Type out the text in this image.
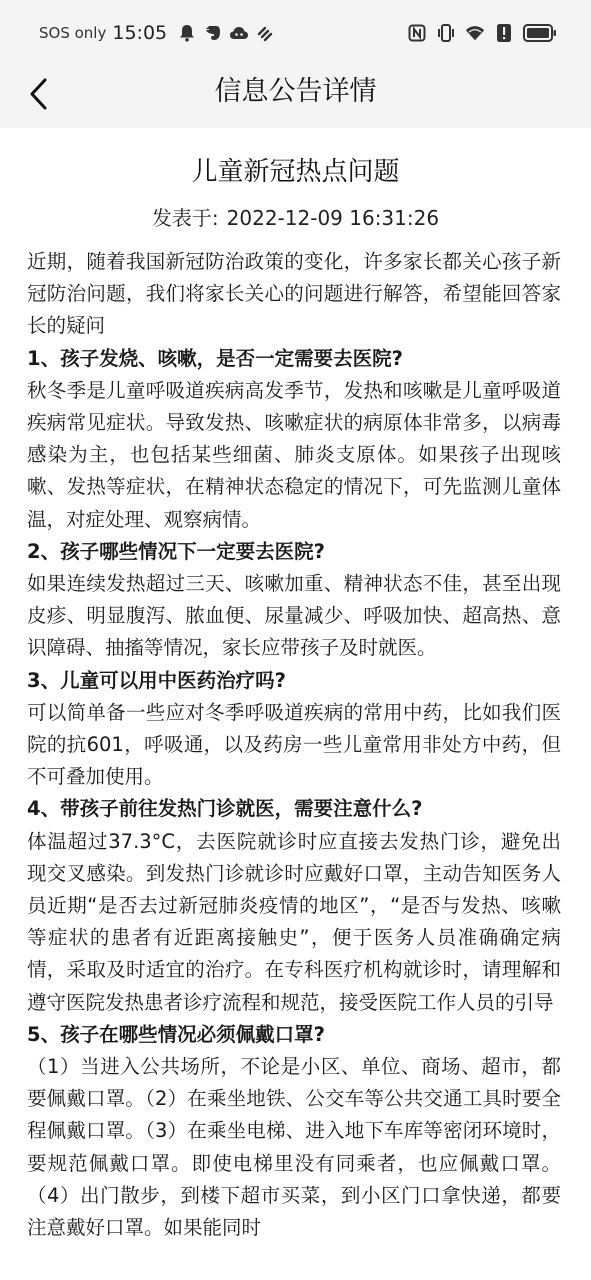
SOS only 15:05
信息公告详情
儿童新冠热点问题
发表于: 2022-12-09 16:31:26

近期，随着我国新冠防治政策的变化，许多家长都关心孩子新冠防治问题，我们将家长关心的问题进行解答，希望能回答家长的疑问

1、孩子发烧、咳嗽，是否一定需要去医院?

秋冬季是儿童呼吸道疾病高发季节，发热和咳嗽是儿童呼吸道疾病常见症状。导致发热、咳嗽症状的病原体非常多，以病毒感染为主，也包括某些细菌、肺炎支原体。如果孩子出现咳嗽、发热等症状，在精神状态稳定的情况下，可先监测儿童体温，对症处理、观察病情。

2、孩子哪些情况下一定要去医院?

如果连续发热超过三天、咳嗽加重、精神状态不佳，甚至出现皮疹、明显腹泻、脓血便、尿量减少、呼吸加快、超高热、意识障碍、抽搐等情况，家长应带孩子及时就医。

3、儿童可以用中医药治疗吗?

可以简单备一些应对冬季呼吸道疾病的常用中药，比如我们医院的抗601，呼吸通，以及药房一些儿童常用非处方中药，但不可叠加使用。

4、带孩子前往发热门诊就医，需要注意什么?

体温超过37.3°C，去医院就诊时应直接去发热门诊，避免出现交叉感染。到发热门诊就诊时应戴好口罩，主动告知医务人员近期“是否去过新冠肺炎疫情的地区”，“是否与发热、咳嗽等症状的患者有近距离接触史”，便于医务人员准确确定病情，采取及时适宜的治疗。在专科医疗机构就诊时，请理解和遵守医院发热患者诊疗流程和规范，接受医院工作人员的引导

5、孩子在哪些情况必须佩戴口罩?

（1）当进入公共场所，不论是小区、单位、商场、超市，都要佩戴口罩。（2）在乘坐地铁、公交车等公共交通工具时要全程佩戴口罩。（3）在乘坐电梯、进入地下车库等密闭环境时，要规范佩戴口罩。即使电梯里没有同乘者，也应佩戴口罩。（4）出门散步，到楼下超市买菜，到小区门口拿快递，都要注意戴好口罩。如果能同时
